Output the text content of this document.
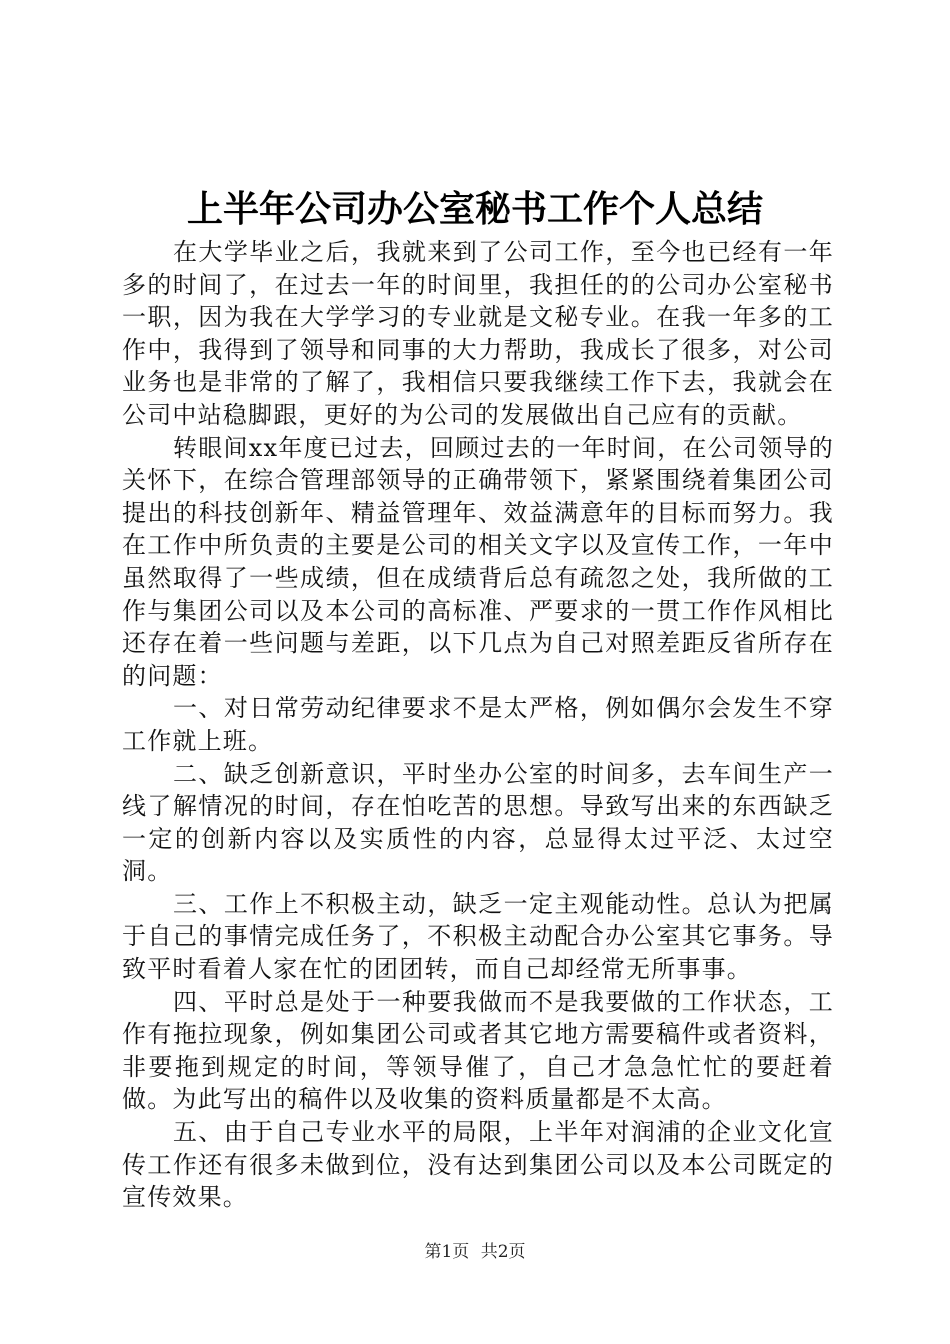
上半年公司办公室秘书工作个人总结

在大学毕业之后，我就来到了公司工作，至今也已经有一年多的时间了，在过去一年的时间里，我担任的的公司办公室秘书一职，因为我在大学学习的专业就是文秘专业。在我一年多的工作中，我得到了领导和同事的大力帮助，我成长了很多，对公司业务也是非常的了解了，我相信只要我继续工作下去，我就会在公司中站稳脚跟，更好的为公司的发展做出自己应有的贡献。

转眼间xx年度已过去，回顾过去的一年时间，在公司领导的关怀下，在综合管理部领导的正确带领下，紧紧围绕着集团公司提出的科技创新年、精益管理年、效益满意年的目标而努力。我在工作中所负责的主要是公司的相关文字以及宣传工作，一年中虽然取得了一些成绩，但在成绩背后总有疏忽之处，我所做的工作与集团公司以及本公司的高标准、严要求的一贯工作作风相比还存在着一些问题与差距，以下几点为自己对照差距反省所存在的问题：

一、对日常劳动纪律要求不是太严格，例如偶尔会发生不穿工作就上班。

二、缺乏创新意识，平时坐办公室的时间多，去车间生产一线了解情况的时间，存在怕吃苦的思想。导致写出来的东西缺乏一定的创新内容以及实质性的内容，总显得太过平泛、太过空洞。

三、工作上不积极主动，缺乏一定主观能动性。总认为把属于自己的事情完成任务了，不积极主动配合办公室其它事务。导致平时看着人家在忙的团团转，而自己却经常无所事事。

四、平时总是处于一种要我做而不是我要做的工作状态，工作有拖拉现象，例如集团公司或者其它地方需要稿件或者资料，非要拖到规定的时间，等领导催了，自己才急急忙忙的要赶着做。为此写出的稿件以及收集的资料质量都是不太高。

五、由于自己专业水平的局限，上半年对润浦的企业文化宣传工作还有很多未做到位，没有达到集团公司以及本公司既定的宣传效果。

第1页 共2页
